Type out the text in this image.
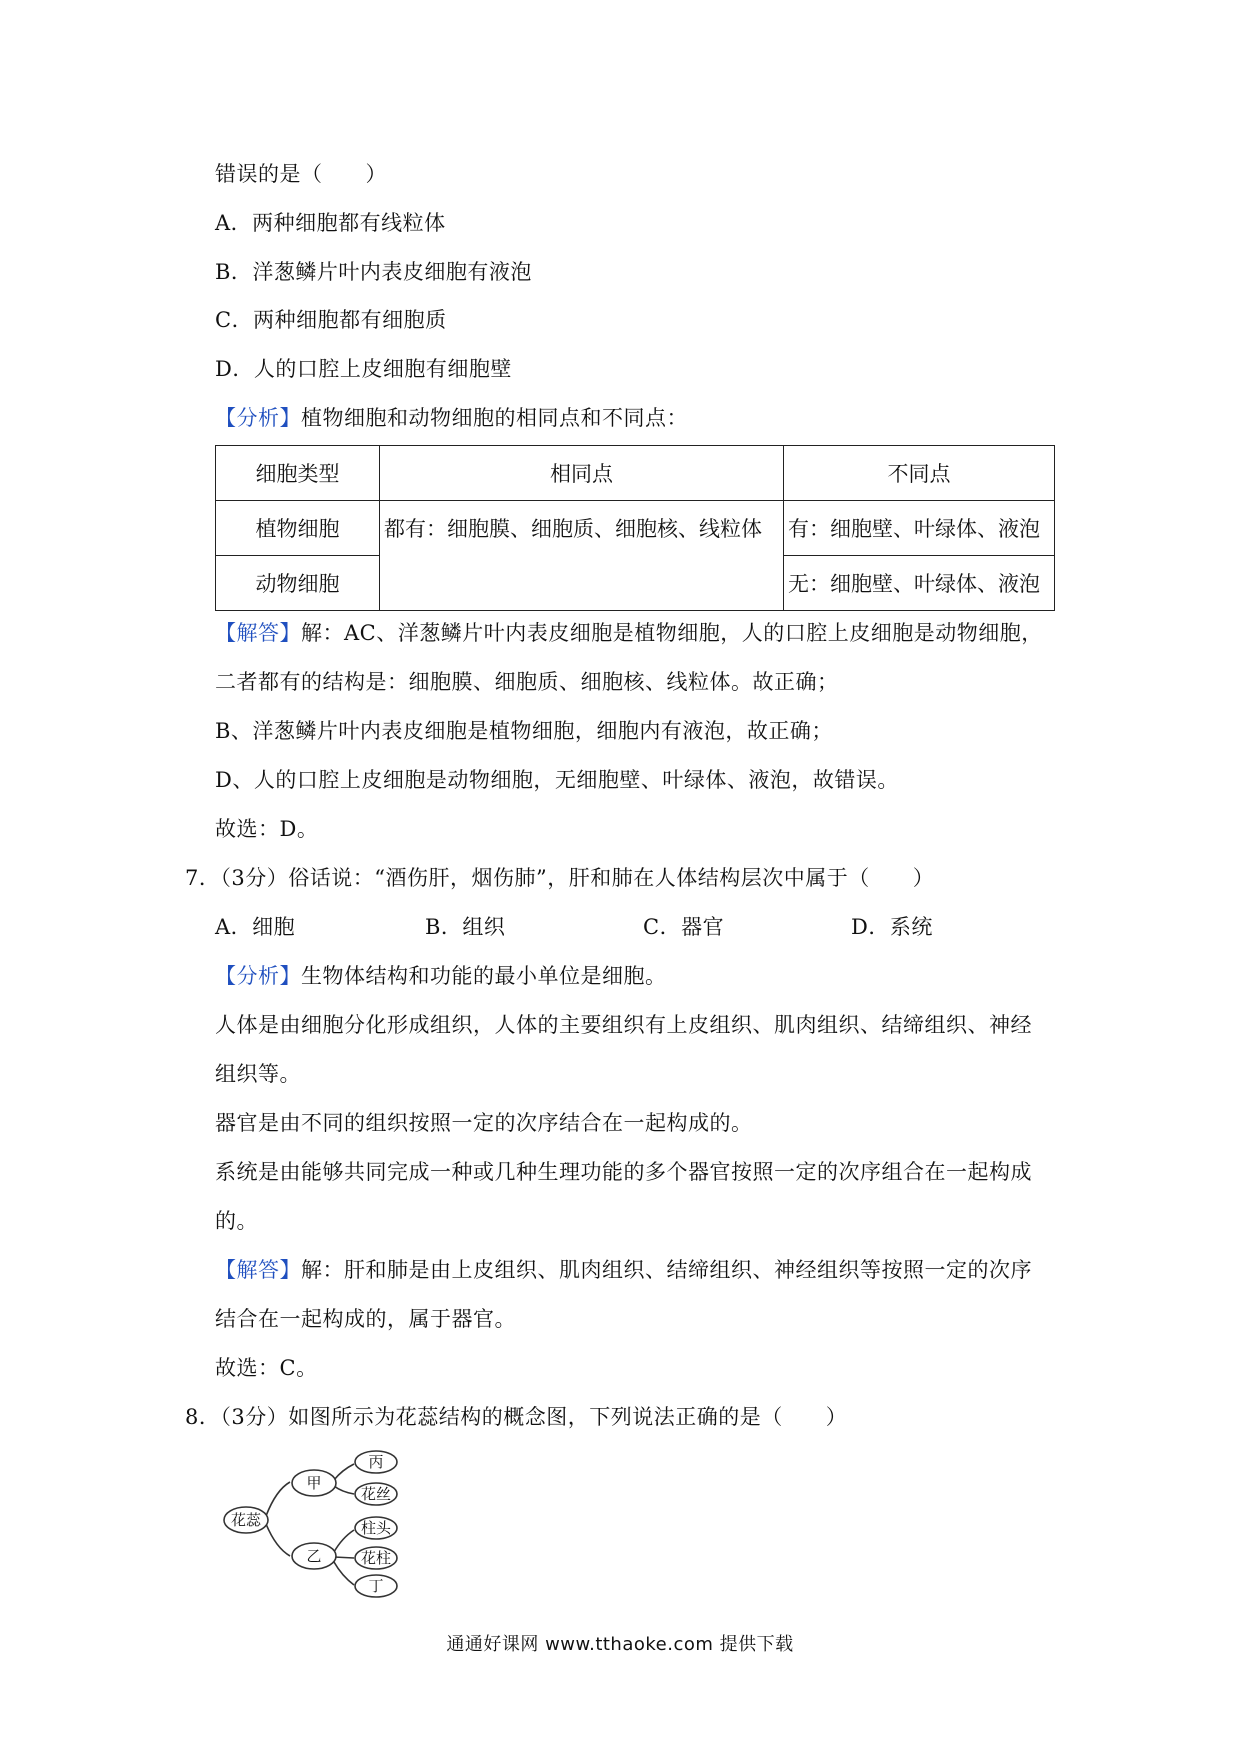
错误的是（　　）
A．两种细胞都有线粒体
B．洋葱鳞片叶内表皮细胞有液泡
C．两种细胞都有细胞质
D．人的口腔上皮细胞有细胞壁
【分析】植物细胞和动物细胞的相同点和不同点：
细胞类型	相同点	不同点
植物细胞	都有：细胞膜、细胞质、细胞核、线粒体	有：细胞壁、叶绿体、液泡
动物细胞		无：细胞壁、叶绿体、液泡
【解答】解：AC、洋葱鳞片叶内表皮细胞是植物细胞，人的口腔上皮细胞是动物细胞，
二者都有的结构是：细胞膜、细胞质、细胞核、线粒体。故正确；
B、洋葱鳞片叶内表皮细胞是植物细胞，细胞内有液泡，故正确；
D、人的口腔上皮细胞是动物细胞，无细胞壁、叶绿体、液泡，故错误。
故选：D。
7．（3分）俗话说：“酒伤肝，烟伤肺”，肝和肺在人体结构层次中属于（　　）
A．细胞	B．组织	C．器官	D．系统
【分析】生物体结构和功能的最小单位是细胞。
人体是由细胞分化形成组织，人体的主要组织有上皮组织、肌肉组织、结缔组织、神经
组织等。
器官是由不同的组织按照一定的次序结合在一起构成的。
系统是由能够共同完成一种或几种生理功能的多个器官按照一定的次序组合在一起构成
的。
【解答】解：肝和肺是由上皮组织、肌肉组织、结缔组织、神经组织等按照一定的次序
结合在一起构成的，属于器官。
故选：C。
8．（3分）如图所示为花蕊结构的概念图，下列说法正确的是（　　）
花蕊
甲
乙
丙
花丝
柱头
花柱
丁
通通好课网 www.tthaoke.com 提供下载
